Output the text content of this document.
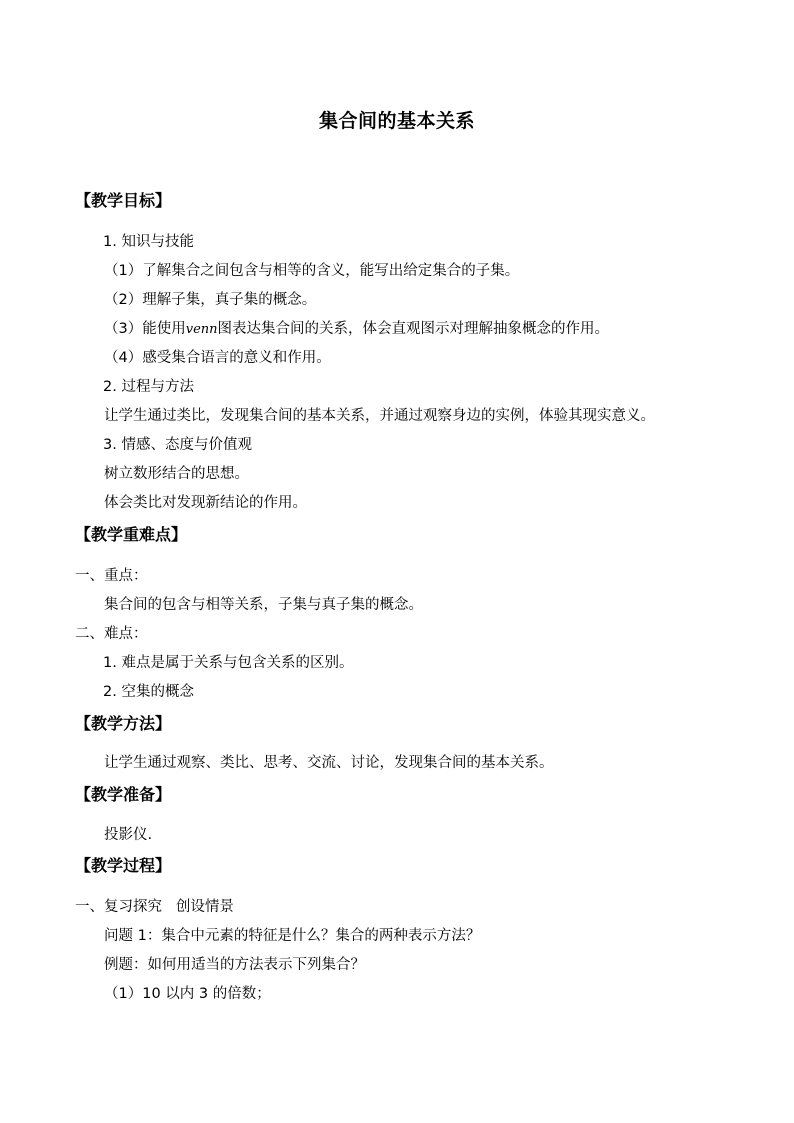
集合间的基本关系
【教学目标】
1. 知识与技能
（1）了解集合之间包含与相等的含义，能写出给定集合的子集。
（2）理解子集，真子集的概念。
（3）能使用venn图表达集合间的关系，体会直观图示对理解抽象概念的作用。
（4）感受集合语言的意义和作用。
2. 过程与方法
让学生通过类比，发现集合间的基本关系，并通过观察身边的实例，体验其现实意义。
3. 情感、态度与价值观
树立数形结合的思想。
体会类比对发现新结论的作用。
【教学重难点】
一、重点：
集合间的包含与相等关系，子集与真子集的概念。
二、难点：
1. 难点是属于关系与包含关系的区别。
2. 空集的概念
【教学方法】
让学生通过观察、类比、思考、交流、讨论，发现集合间的基本关系。
【教学准备】
投影仪.
【教学过程】
一、复习探究   创设情景
问题 1：集合中元素的特征是什么？集合的两种表示方法？
例题：如何用适当的方法表示下列集合？
（1）10 以内 3 的倍数；
